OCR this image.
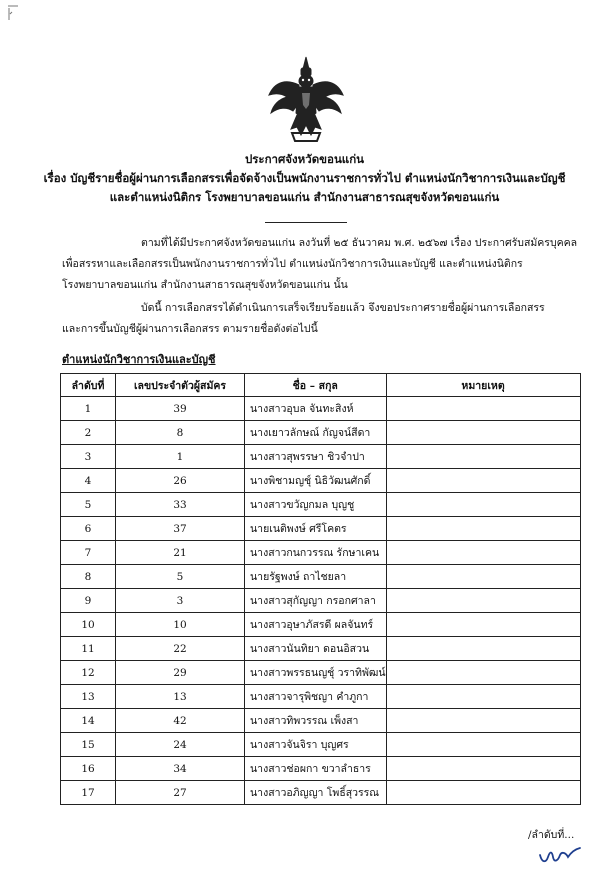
ประกาศจังหวัดขอนแก่น
เรื่อง บัญชีรายชื่อผู้ผ่านการเลือกสรรเพื่อจัดจ้างเป็นพนักงานราชการทั่วไป ตำแหน่งนักวิชาการเงินและบัญชี
และตำแหน่งนิติกร โรงพยาบาลขอนแก่น สำนักงานสาธารณสุขจังหวัดขอนแก่น
ตามที่ได้มีประกาศจังหวัดขอนแก่น ลงวันที่ ๒๕ ธันวาคม พ.ศ. ๒๕๖๗ เรื่อง ประกาศรับสมัครบุคคล
เพื่อสรรหาและเลือกสรรเป็นพนักงานราชการทั่วไป ตำแหน่งนักวิชาการเงินและบัญชี และตำแหน่งนิติกร
โรงพยาบาลขอนแก่น สำนักงานสาธารณสุขจังหวัดขอนแก่น นั้น
บัดนี้ การเลือกสรรได้ดำเนินการเสร็จเรียบร้อยแล้ว จึงขอประกาศรายชื่อผู้ผ่านการเลือกสรร
และการขึ้นบัญชีผู้ผ่านการเลือกสรร ตามรายชื่อดังต่อไปนี้
ตำแหน่งนักวิชาการเงินและบัญชี
ลำดับที่	เลขประจำตัวผู้สมัคร	ชื่อ – สกุล	หมายเหตุ
1	39	นางสาวอุบล จันทะสิงห์	
2	8	นางเยาวลักษณ์ กัญจน์สีดา	
3	1	นางสาวสุพรรษา ชิวจำปา	
4	26	นางพิชามญชุ์ นิธิวัฒนศักดิ์	
5	33	นางสาวขวัญกมล บุญชู	
6	37	นายเนติพงษ์ ศรีโคตร	
7	21	นางสาวกนกวรรณ รักษาเคน	
8	5	นายรัฐพงษ์ ถาไชยลา	
9	3	นางสาวสุกัญญา กรอกศาลา	
10	10	นางสาวอุษาภัสรดี ผลจันทร์	
11	22	นางสาวนันทิยา ดอนอิสวน	
12	29	นางสาวพรรธนญชุ์ วราทิพัฒน์	
13	13	นางสาวจารุพิชญา คำภูกา	
14	42	นางสาวทิพวรรณ เพ็งสา	
15	24	นางสาวจันจิรา บุญศร	
16	34	นางสาวช่อผกา ขวาลำธาร	
17	27	นางสาวอภิญญา โพธิ์สุวรรณ	
/ลำดับที่...
